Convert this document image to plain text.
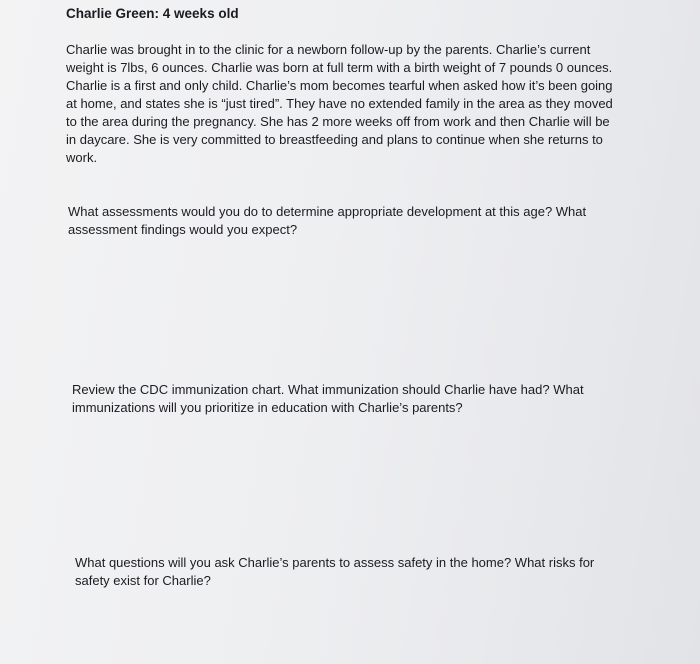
Charlie Green: 4 weeks old
Charlie was brought in to the clinic for a newborn follow-up by the parents. Charlie’s current
weight is 7lbs, 6 ounces. Charlie was born at full term with a birth weight of 7 pounds 0 ounces.
Charlie is a first and only child. Charlie’s mom becomes tearful when asked how it’s been going
at home, and states she is “just tired”. They have no extended family in the area as they moved
to the area during the pregnancy. She has 2 more weeks off from work and then Charlie will be
in daycare. She is very committed to breastfeeding and plans to continue when she returns to
work.
What assessments would you do to determine appropriate development at this age? What
assessment findings would you expect?
Review the CDC immunization chart. What immunization should Charlie have had? What
immunizations will you prioritize in education with Charlie’s parents?
What questions will you ask Charlie’s parents to assess safety in the home? What risks for
safety exist for Charlie?
